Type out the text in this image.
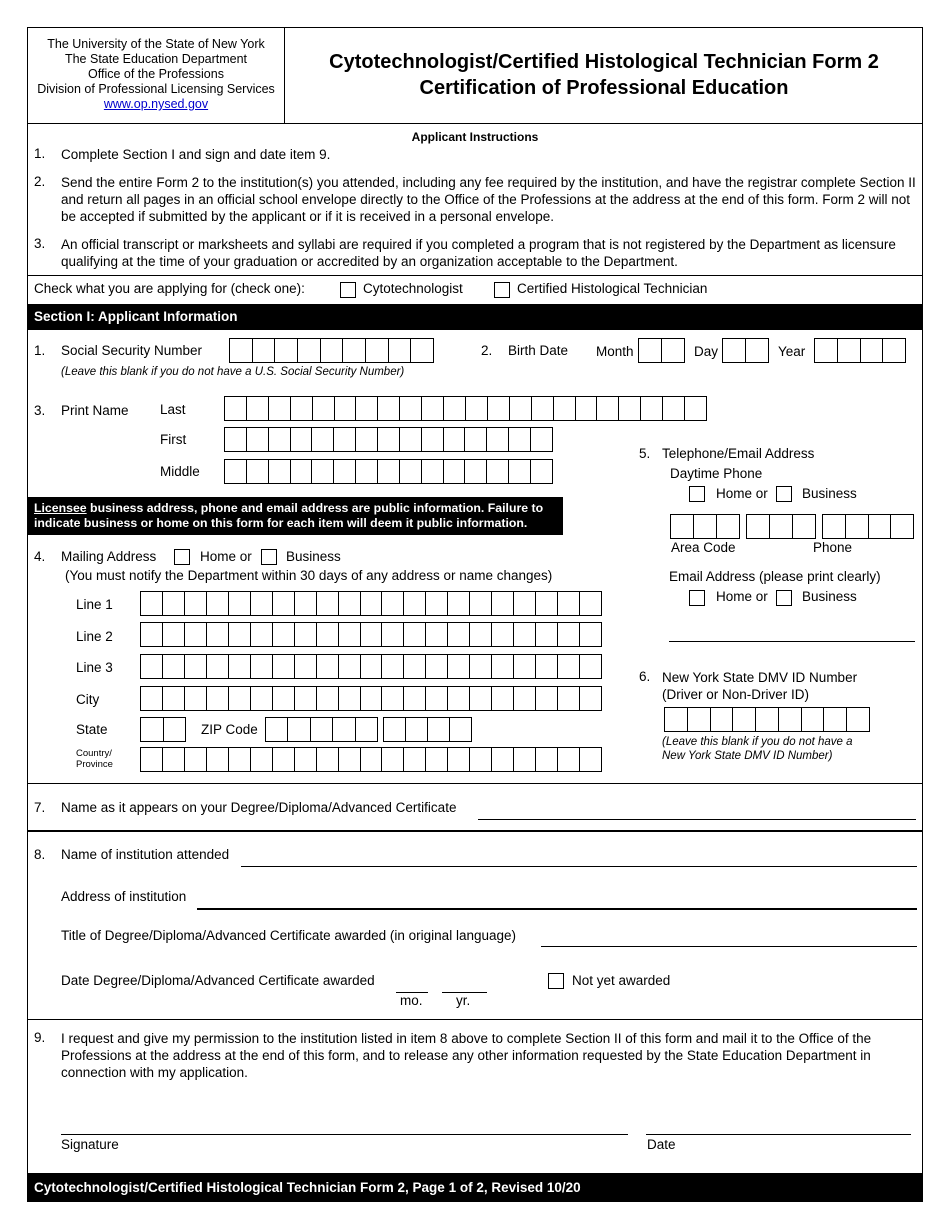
The University of the State of New York
The State Education Department
Office of the Professions
Division of Professional Licensing Services
www.op.nysed.gov
Cytotechnologist/Certified Histological Technician Form 2
Certification of Professional Education
Applicant Instructions
1. Complete Section I and sign and date item 9.
2. Send the entire Form 2 to the institution(s) you attended, including any fee required by the institution, and have the registrar complete Section II and return all pages in an official school envelope directly to the Office of the Professions at the address at the end of this form. Form 2 will not be accepted if submitted by the applicant or if it is received in a personal envelope.
3. An official transcript or marksheets and syllabi are required if you completed a program that is not registered by the Department as licensure qualifying at the time of your graduation or accredited by an organization acceptable to the Department.
Check what you are applying for (check one):	Cytotechnologist	Certified Histological Technician
Section I: Applicant Information
1. Social Security Number
(Leave this blank if you do not have a U.S. Social Security Number)
2. Birth Date Month	Day	Year
3. Print Name Last
First
Middle
Licensee business address, phone and email address are public information. Failure to indicate business or home on this form for each item will deem it public information.
4. Mailing Address	Home or	Business
(You must notify the Department within 30 days of any address or name changes)
Line 1
Line 2
Line 3
City
State	ZIP Code
Country/
Province
5. Telephone/Email Address
Daytime Phone
Home or	Business
Area Code	Phone
Email Address (please print clearly)
Home or	Business
6. New York State DMV ID Number
(Driver or Non-Driver ID)
(Leave this blank if you do not have a
New York State DMV ID Number)
7. Name as it appears on your Degree/Diploma/Advanced Certificate
8. Name of institution attended
Address of institution
Title of Degree/Diploma/Advanced Certificate awarded (in original language)
Date Degree/Diploma/Advanced Certificate awarded
mo. yr.
Not yet awarded
9. I request and give my permission to the institution listed in item 8 above to complete Section II of this form and mail it to the Office of the Professions at the address at the end of this form, and to release any other information requested by the State Education Department in connection with my application.
Signature	Date
Cytotechnologist/Certified Histological Technician Form 2, Page 1 of 2, Revised 10/20
